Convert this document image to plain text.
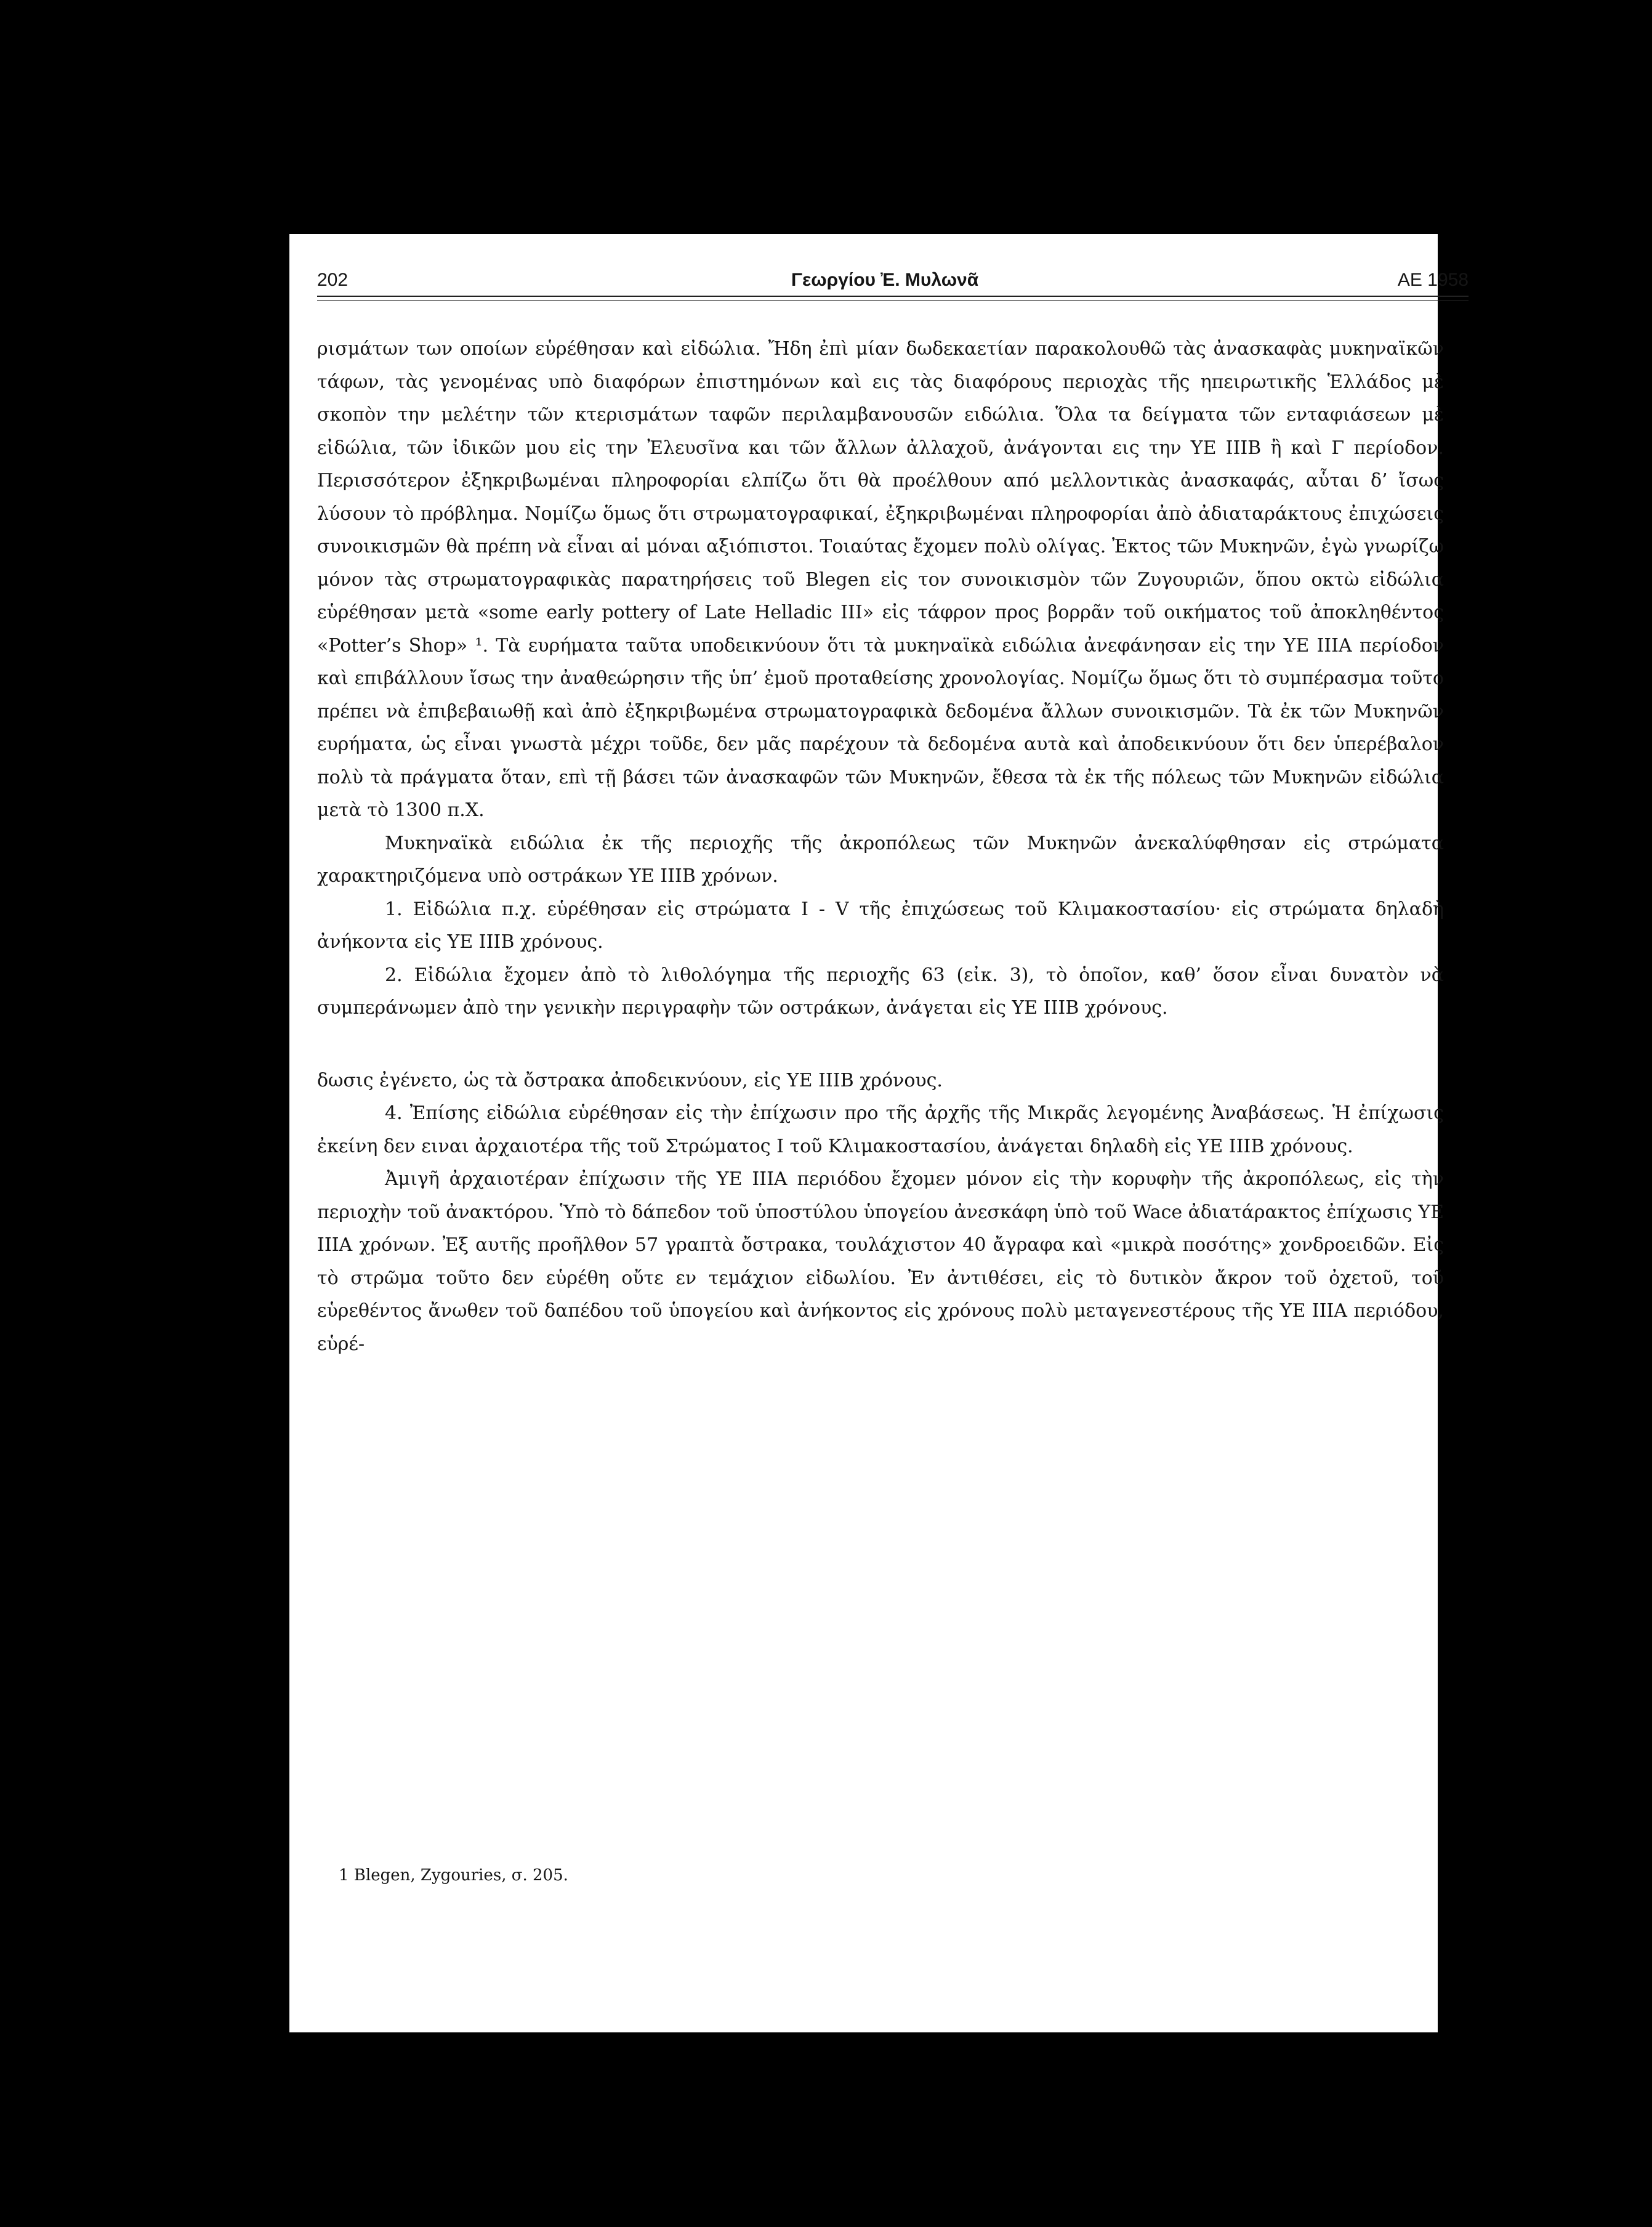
202	Γεωργίου Ἐ. Μυλωνᾶ	ΑΕ 1958

ρισμάτων των οποίων εὑρέθησαν καὶ εἰδώλια. Ἤδη ἐπὶ μίαν δωδεκαετίαν παρακολουθῶ τὰς ἀνασκαφὰς μυκηναϊκῶν τάφων, τὰς γενομένας υπὸ διαφόρων ἐπιστημόνων καὶ εις τὰς διαφόρους περιοχὰς τῆς ηπειρωτικῆς Ἑλλάδος μὲ σκοπὸν την μελέτην τῶν κτερισμάτων ταφῶν περιλαμβανουσῶν ειδώλια. Ὅλα τα δείγματα τῶν ενταφιάσεων μὲ εἰδώλια, τῶν ἰδικῶν μου εἰς την Ἐλευσῖνα και τῶν ἄλλων ἀλλαχοῦ, ἀνάγονται εις την ΥΕ ΙΙΙΒ ἢ καὶ Γ περίοδον. Περισσότερον ἐξηκριβωμέναι πληροφορίαι ελπίζω ὅτι θὰ προέλθουν από μελλοντικὰς ἀνασκαφάς, αὗται δ’ ἴσως λύσουν τὸ πρόβλημα. Νομίζω ὅμως ὅτι στρωματογραφικαί, ἐξηκριβωμέναι πληροφορίαι ἀπὸ ἀδιαταράκτους ἐπιχώσεις συνοικισμῶν θὰ πρέπη νὰ εἶναι αἱ μόναι αξιόπιστοι. Τοιαύτας ἔχομεν πολὺ ολίγας. Ἐκτος τῶν Μυκηνῶν, ἐγὼ γνωρίζω μόνον τὰς στρωματογραφικὰς παρατηρήσεις τοῦ Blegen εἰς τον συνοικισμὸν τῶν Ζυγουριῶν, ὅπου οκτὼ εἰδώλια εὑρέθησαν μετὰ «some early pottery of Late Helladic III» εἰς τάφρον προς βορρᾶν τοῦ οικήματος τοῦ ἀποκληθέντος «Potter’s Shop» ¹. Τὰ ευρήματα ταῦτα υποδεικνύουν ὅτι τὰ μυκηναϊκὰ ειδώλια ἀνεφάνησαν εἰς την ΥΕ ΙΙΙΑ περίοδον καὶ επιβάλλουν ἴσως την ἀναθεώρησιν τῆς ὑπ’ ἐμοῦ προταθείσης χρονολογίας. Νομίζω ὅμως ὅτι τὸ συμπέρασμα τοῦτο πρέπει νὰ ἐπιβεβαιωθῇ καὶ ἀπὸ ἐξηκριβωμένα στρωματογραφικὰ δεδομένα ἄλλων συνοικισμῶν. Τὰ ἐκ τῶν Μυκηνῶν ευρήματα, ὡς εἶναι γνωστὰ μέχρι τοῦδε, δεν μᾶς παρέχουν τὰ δεδομένα αυτὰ καὶ ἀποδεικνύουν ὅτι δεν ὑπερέβαλον πολὺ τὰ πράγματα ὅταν, επὶ τῇ βάσει τῶν ἀνασκαφῶν τῶν Μυκηνῶν, ἔθεσα τὰ ἐκ τῆς πόλεως τῶν Μυκηνῶν εἰδώλια μετὰ τὸ 1300 π.Χ.

Μυκηναϊκὰ ειδώλια ἐκ τῆς περιοχῆς τῆς ἀκροπόλεως τῶν Μυκηνῶν ἀνεκαλύφθησαν εἰς στρώματα χαρακτηριζόμενα υπὸ οστράκων ΥΕ ΙΙΙΒ χρόνων.

1. Εἰδώλια π.χ. εὑρέθησαν εἰς στρώματα I - V τῆς ἐπιχώσεως τοῦ Κλιμακοστασίου· εἰς στρώματα δηλαδὴ ἀνήκοντα εἰς ΥΕ ΙΙΙΒ χρόνους.

2. Εἰδώλια ἔχομεν ἀπὸ τὸ λιθολόγημα τῆς περιοχῆς 63 (εἰκ. 3), τὸ ὁποῖον, καθ’ ὅσον εἶναι δυνατὸν νὰ συμπεράνωμεν ἀπὸ την γενικὴν περιγραφὴν τῶν οστράκων, ἀνάγεται εἰς ΥΕ ΙΙΙΒ χρόνους.

δωσις ἐγένετο, ὡς τὰ ὄστρακα ἀποδεικνύουν, εἰς ΥΕ ΙΙΙΒ χρόνους.

4. Ἐπίσης εἰδώλια εὑρέθησαν εἰς τὴν ἐπίχωσιν προ τῆς ἀρχῆς τῆς Μικρᾶς λεγομένης Ἀναβάσεως. Ἡ ἐπίχωσις ἐκείνη δεν ειναι ἀρχαιοτέρα τῆς τοῦ Στρώματος I τοῦ Κλιμακοστασίου, ἀνάγεται δηλαδὴ εἰς ΥΕ ΙΙΙΒ χρόνους.

Ἀμιγῆ ἀρχαιοτέραν ἐπίχωσιν τῆς ΥΕ ΙΙΙΑ περιόδου ἔχομεν μόνον εἰς τὴν κορυφὴν τῆς ἀκροπόλεως, εἰς τὴν περιοχὴν τοῦ ἀνακτόρου. Ὑπὸ τὸ δάπεδον τοῦ ὑποστύλου ὑπογείου ἀνεσκάφη ὑπὸ τοῦ Wace ἀδιατάρακτος ἐπίχωσις ΥΕ ΙΙΙΑ χρόνων. Ἐξ αυτῆς προῆλθον 57 γραπτὰ ὄστρακα, τουλάχιστον 40 ἄγραφα καὶ «μικρὰ ποσότης» χονδροειδῶν. Εἰς τὸ στρῶμα τοῦτο δεν εὑρέθη οὔτε εν τεμάχιον εἰδωλίου. Ἐν ἀντιθέσει, εἰς τὸ δυτικὸν ἄκρον τοῦ ὀχετοῦ, τοῦ εὑρεθέντος ἄνωθεν τοῦ δαπέδου τοῦ ὑπογείου καὶ ἀνήκοντος εἰς χρόνους πολὺ μεταγενεστέρους τῆς ΥΕ ΙΙΙΑ περιόδου, εὑρέ-

1 Blegen, Zygouries, σ. 205.
